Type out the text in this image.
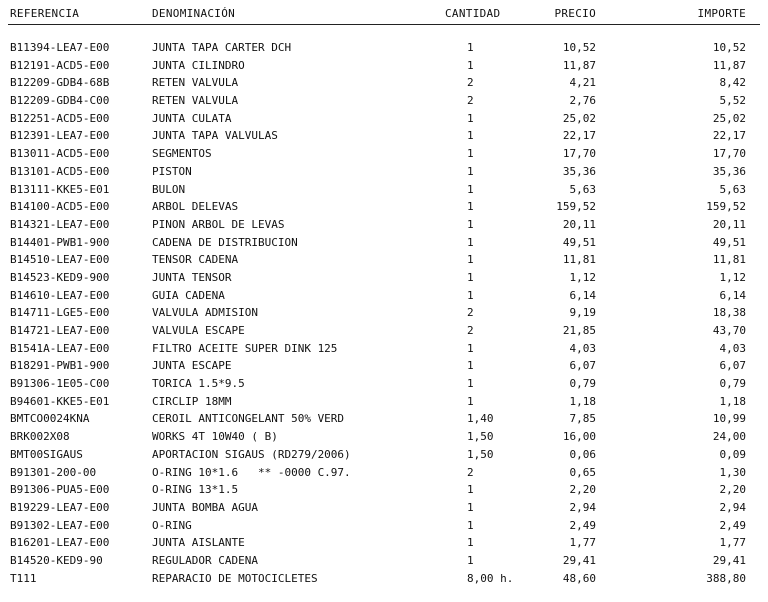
REFERENCIA	DENOMINACIÓN	CANTIDAD	PRECIO	IMPORTE
B11394-LEA7-E00	JUNTA TAPA CARTER DCH	1	10,52	10,52
B12191-ACD5-E00	JUNTA CILINDRO	1	11,87	11,87
B12209-GDB4-68B	RETEN VALVULA	2	4,21	8,42
B12209-GDB4-C00	RETEN VALVULA	2	2,76	5,52
B12251-ACD5-E00	JUNTA CULATA	1	25,02	25,02
B12391-LEA7-E00	JUNTA TAPA VALVULAS	1	22,17	22,17
B13011-ACD5-E00	SEGMENTOS	1	17,70	17,70
B13101-ACD5-E00	PISTON	1	35,36	35,36
B13111-KKE5-E01	BULON	1	5,63	5,63
B14100-ACD5-E00	ARBOL DELEVAS	1	159,52	159,52
B14321-LEA7-E00	PINON ARBOL DE LEVAS	1	20,11	20,11
B14401-PWB1-900	CADENA DE DISTRIBUCION	1	49,51	49,51
B14510-LEA7-E00	TENSOR CADENA	1	11,81	11,81
B14523-KED9-900	JUNTA TENSOR	1	1,12	1,12
B14610-LEA7-E00	GUIA CADENA	1	6,14	6,14
B14711-LGE5-E00	VALVULA ADMISION	2	9,19	18,38
B14721-LEA7-E00	VALVULA ESCAPE	2	21,85	43,70
B1541A-LEA7-E00	FILTRO ACEITE SUPER DINK 125	1	4,03	4,03
B18291-PWB1-900	JUNTA ESCAPE	1	6,07	6,07
B91306-1E05-C00	TORICA 1.5*9.5	1	0,79	0,79
B94601-KKE5-E01	CIRCLIP 18MM	1	1,18	1,18
BMTCO0024KNA	CEROIL ANTICONGELANT 50% VERD	1,40	7,85	10,99
BRK002X08	WORKS 4T 10W40 ( B)	1,50	16,00	24,00
BMT00SIGAUS	APORTACION SIGAUS (RD279/2006)	1,50	0,06	0,09
B91301-200-00	O-RING 10*1.6   ** -0000 C.97.	2	0,65	1,30
B91306-PUA5-E00	O-RING 13*1.5	1	2,20	2,20
B19229-LEA7-E00	JUNTA BOMBA AGUA	1	2,94	2,94
B91302-LEA7-E00	O-RING	1	2,49	2,49
B16201-LEA7-E00	JUNTA AISLANTE	1	1,77	1,77
B14520-KED9-90	REGULADOR CADENA	1	29,41	29,41
T111	REPARACIO DE MOTOCICLETES	8,00 h.	48,60	388,80
